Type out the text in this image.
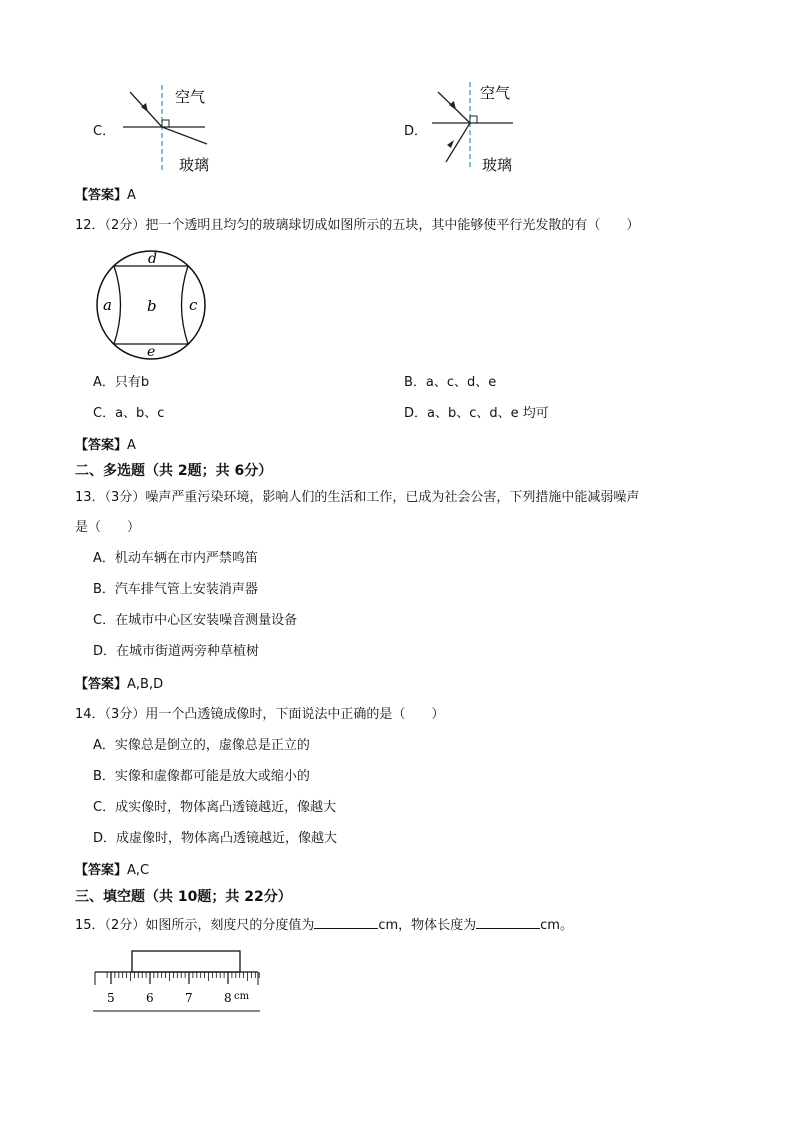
C．
空气
玻璃
D．
空气
玻璃
【答案】A
12．（2分）把一个透明且均匀的玻璃球切成如图所示的五块，其中能够使平行光发散的有（　　）
d
b
a	c
e
A．只有b	B．a、c、d、e
C．a、b、c	D．a、b、c、d、e 均可
【答案】A
二、多选题（共 2题；共 6分）
13．（3分）噪声严重污染环境，影响人们的生活和工作，已成为社会公害，下列措施中能减弱噪声
是（　　）
A．机动车辆在市内严禁鸣笛
B．汽车排气管上安装消声器
C．在城市中心区安装噪音测量设备
D．在城市街道两旁种草植树
【答案】A,B,D
14．（3分）用一个凸透镜成像时，下面说法中正确的是（　　）
A．实像总是倒立的，虚像总是正立的
B．实像和虚像都可能是放大或缩小的
C．成实像时，物体离凸透镜越近，像越大
D．成虚像时，物体离凸透镜越近，像越大
【答案】A,C
三、填空题（共 10题；共 22分）
15．（2分）如图所示，刻度尺的分度值为	cm，物体长度为	cm。
5	6	7	8 cm
